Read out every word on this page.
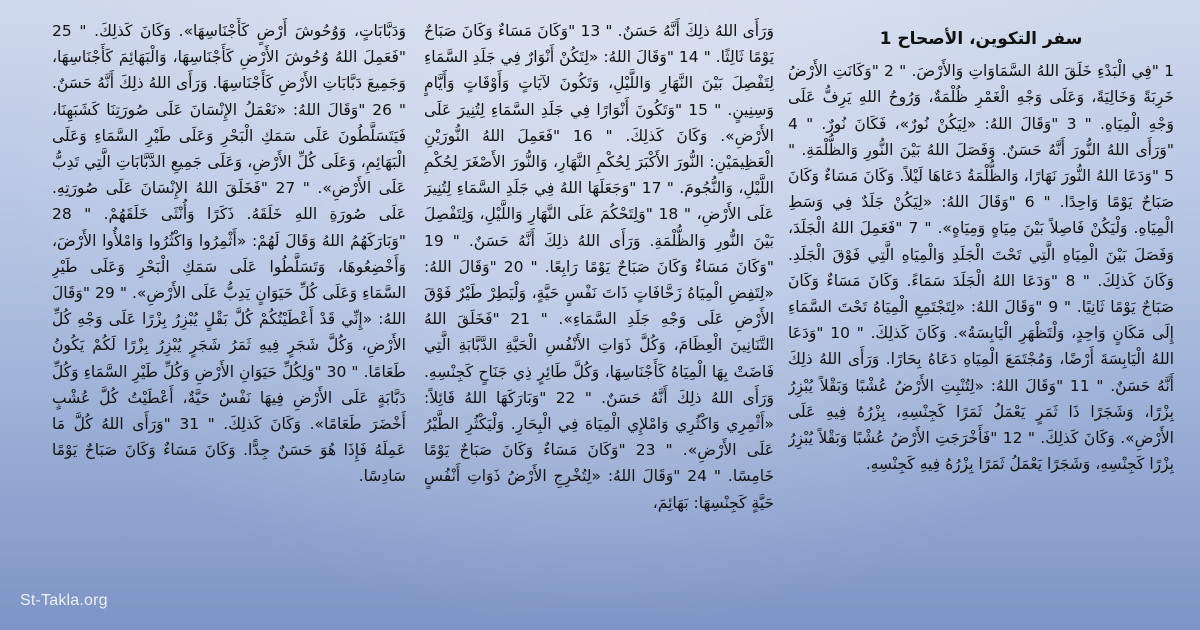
سفر التكوين، الأصحاح 1
1 "فِي الْبَدْءِ خَلَقَ اللهُ السَّمَاوَاتِ وَالأَرْضَ. " 2 "وَكَانَتِ الأَرْضُ خَرِبَةً وَخَالِيَةً، وَعَلَى وَجْهِ الْغَمْرِ ظُلْمَةٌ، وَرُوحُ اللهِ يَرِفُّ عَلَى وَجْهِ الْمِيَاهِ. " 3 "وَقَالَ اللهُ: «لِيَكُنْ نُورٌ»، فَكَانَ نُورٌ. " 4 "وَرَأَى اللهُ النُّورَ أَنَّهُ حَسَنٌ. وَفَصَلَ اللهُ بَيْنَ النُّورِ وَالظُّلْمَةِ. " 5 "وَدَعَا اللهُ النُّورَ نَهَارًا، وَالظُّلْمَةُ دَعَاهَا لَيْلاً. وَكَانَ مَسَاءٌ وَكَانَ صَبَاحٌ يَوْمًا وَاحِدًا. " 6 "وَقَالَ اللهُ: «لِيَكُنْ جَلَدٌ فِي وَسَطِ الْمِيَاهِ. وَلْيَكُنْ فَاصِلاً بَيْنَ مِيَاهٍ وَمِيَاهٍ». " 7 "فَعَمِلَ اللهُ الْجَلَدَ، وَفَصَلَ بَيْنَ الْمِيَاهِ الَّتِي تَحْتَ الْجَلَدِ وَالْمِيَاهِ الَّتِي فَوْقَ الْجَلَدِ. وَكَانَ كَذلِكَ. " 8 "وَدَعَا اللهُ الْجَلَدَ سَمَاءً. وَكَانَ مَسَاءٌ وَكَانَ صَبَاحٌ يَوْمًا ثَانِيًا. " 9 "وَقَالَ اللهُ: «لِتَجْتَمِعِ الْمِيَاهُ تَحْتَ السَّمَاءِ إِلَى مَكَانٍ وَاحِدٍ، وَلْتَظْهَرِ الْيَابِسَةُ». وَكَانَ كَذلِكَ. " 10 "وَدَعَا اللهُ الْيَابِسَةَ أَرْضًا، وَمُجْتَمَعَ الْمِيَاهِ دَعَاهُ بِحَارًا. وَرَأَى اللهُ ذلِكَ أَنَّهُ حَسَنٌ. " 11 "وَقَالَ اللهُ: «لِتُنْبِتِ الأَرْضُ عُشْبًا وَبَقْلاً يُبْزِرُ بِزْرًا، وَشَجَرًا ذَا ثَمَرٍ يَعْمَلُ ثَمَرًا كَجِنْسِهِ، بِزْرُهُ فِيهِ عَلَى الأَرْضِ». وَكَانَ كَذلِكَ. " 12 "فَأَخْرَجَتِ الأَرْضُ عُشْبًا وَبَقْلاً يُبْزِرُ بِزْرًا كَجِنْسِهِ، وَشَجَرًا يَعْمَلُ ثَمَرًا بِزْرُهُ فِيهِ كَجِنْسِهِ.
وَرَأَى اللهُ ذلِكَ أَنَّهُ حَسَنٌ. " 13 "وَكَانَ مَسَاءٌ وَكَانَ صَبَاحٌ يَوْمًا ثَالِثًا. " 14 "وَقَالَ اللهُ: «لِتَكُنْ أَنْوَارٌ فِي جَلَدِ السَّمَاءِ لِتَفْصِلَ بَيْنَ النَّهَارِ وَاللَّيْلِ، وَتَكُونَ لآيَاتٍ وَأَوْقَاتٍ وَأَيَّامٍ وَسِنِينٍ. " 15 "وَتَكُونَ أَنْوَارًا فِي جَلَدِ السَّمَاءِ لِتُنِيرَ عَلَى الأَرْضِ». وَكَانَ كَذلِكَ. " 16 "فَعَمِلَ اللهُ النُّورَيْنِ الْعَظِيمَيْنِ: النُّورَ الأَكْبَرَ لِحُكْمِ النَّهَارِ، وَالنُّورَ الأَصْغَرَ لِحُكْمِ اللَّيْلِ، وَالنُّجُومَ. " 17 "وَجَعَلَهَا اللهُ فِي جَلَدِ السَّمَاءِ لِتُنِيرَ عَلَى الأَرْضِ، " 18 "وَلِتَحْكُمَ عَلَى النَّهَارِ وَاللَّيْلِ، وَلِتَفْصِلَ بَيْنَ النُّورِ وَالظُّلْمَةِ. وَرَأَى اللهُ ذلِكَ أَنَّهُ حَسَنٌ. " 19 "وَكَانَ مَسَاءٌ وَكَانَ صَبَاحٌ يَوْمًا رَابِعًا. " 20 "وَقَالَ اللهُ: «لِتَفِضِ الْمِيَاهُ زَحَّافَاتٍ ذَاتَ نَفْسٍ حَيَّةٍ، وَلْيَطِرْ طَيْرٌ فَوْقَ الأَرْضِ عَلَى وَجْهِ جَلَدِ السَّمَاءِ». " 21 "فَخَلَقَ اللهُ التَّنَانِينَ الْعِظَامَ، وَكُلَّ ذَوَاتِ الأَنْفُسِ الْحَيَّةِ الدَّبَّابَةِ الَّتِي فَاضَتْ بِهَا الْمِيَاهُ كَأَجْنَاسِهَا، وَكُلَّ طَائِرٍ ذِي جَنَاحٍ كَجِنْسِهِ. وَرَأَى اللهُ ذلِكَ أَنَّهُ حَسَنٌ. " 22 "وَبَارَكَهَا اللهُ قَائِلاً: «أَثْمِرِي وَاكْثُرِي وَامْلإِي الْمِيَاهَ فِي الْبِحَارِ. وَلْيَكْثُرِ الطَّيْرُ عَلَى الأَرْضِ». " 23 "وَكَانَ مَسَاءٌ وَكَانَ صَبَاحٌ يَوْمًا خَامِسًا. " 24 "وَقَالَ اللهُ: «لِتُخْرِجِ الأَرْضُ ذَوَاتِ أَنْفُسٍ حَيَّةٍ كَجِنْسِهَا: بَهَائِمَ،
وَدَبَّابَاتٍ، وَوُحُوشَ أَرْضٍ كَأَجْنَاسِهَا». وَكَانَ كَذلِكَ. " 25 "فَعَمِلَ اللهُ وُحُوشَ الأَرْضِ كَأَجْنَاسِهَا، وَالْبَهَائِمَ كَأَجْنَاسِهَا، وَجَمِيعَ دَبَّابَاتِ الأَرْضِ كَأَجْنَاسِهَا. وَرَأَى اللهُ ذلِكَ أَنَّهُ حَسَنٌ. " 26 "وَقَالَ اللهُ: «نَعْمَلُ الإِنْسَانَ عَلَى صُورَتِنَا كَشَبَهِنَا، فَيَتَسَلَّطُونَ عَلَى سَمَكِ الْبَحْرِ وَعَلَى طَيْرِ السَّمَاءِ وَعَلَى الْبَهَائِمِ، وَعَلَى كُلِّ الأَرْضِ، وَعَلَى جَمِيعِ الدَّبَّابَاتِ الَّتِي تَدِبُّ عَلَى الأَرْضِ». " 27 "فَخَلَقَ اللهُ الإِنْسَانَ عَلَى صُورَتِهِ. عَلَى صُورَةِ اللهِ خَلَقَهُ. ذَكَرًا وَأُنْثَى خَلَقَهُمْ. " 28 "وَبَارَكَهُمُ اللهُ وَقَالَ لَهُمْ: «أَثْمِرُوا وَاكْثُرُوا وَامْلأُوا الأَرْضَ، وَأَخْضِعُوهَا، وَتَسَلَّطُوا عَلَى سَمَكِ الْبَحْرِ وَعَلَى طَيْرِ السَّمَاءِ وَعَلَى كُلِّ حَيَوَانٍ يَدِبُّ عَلَى الأَرْضِ». " 29 "وَقَالَ اللهُ: «إِنِّي قَدْ أَعْطَيْتُكُمْ كُلَّ بَقْلٍ يُبْزِرُ بِزْرًا عَلَى وَجْهِ كُلِّ الأَرْضِ، وَكُلَّ شَجَرٍ فِيهِ ثَمَرُ شَجَرٍ يُبْزِرُ بِزْرًا لَكُمْ يَكُونُ طَعَامًا. " 30 "وَلِكُلِّ حَيَوَانِ الأَرْضِ وَكُلِّ طَيْرِ السَّمَاءِ وَكُلِّ دَبَّابَةٍ عَلَى الأَرْضِ فِيهَا نَفْسٌ حَيَّةٌ، أَعْطَيْتُ كُلَّ عُشْبٍ أَخْضَرَ طَعَامًا». وَكَانَ كَذلِكَ. " 31 "وَرَأَى اللهُ كُلَّ مَا عَمِلَهُ فَإِذَا هُوَ حَسَنٌ جِدًّا. وَكَانَ مَسَاءٌ وَكَانَ صَبَاحٌ يَوْمًا سَادِسًا.
St-Takla.org
